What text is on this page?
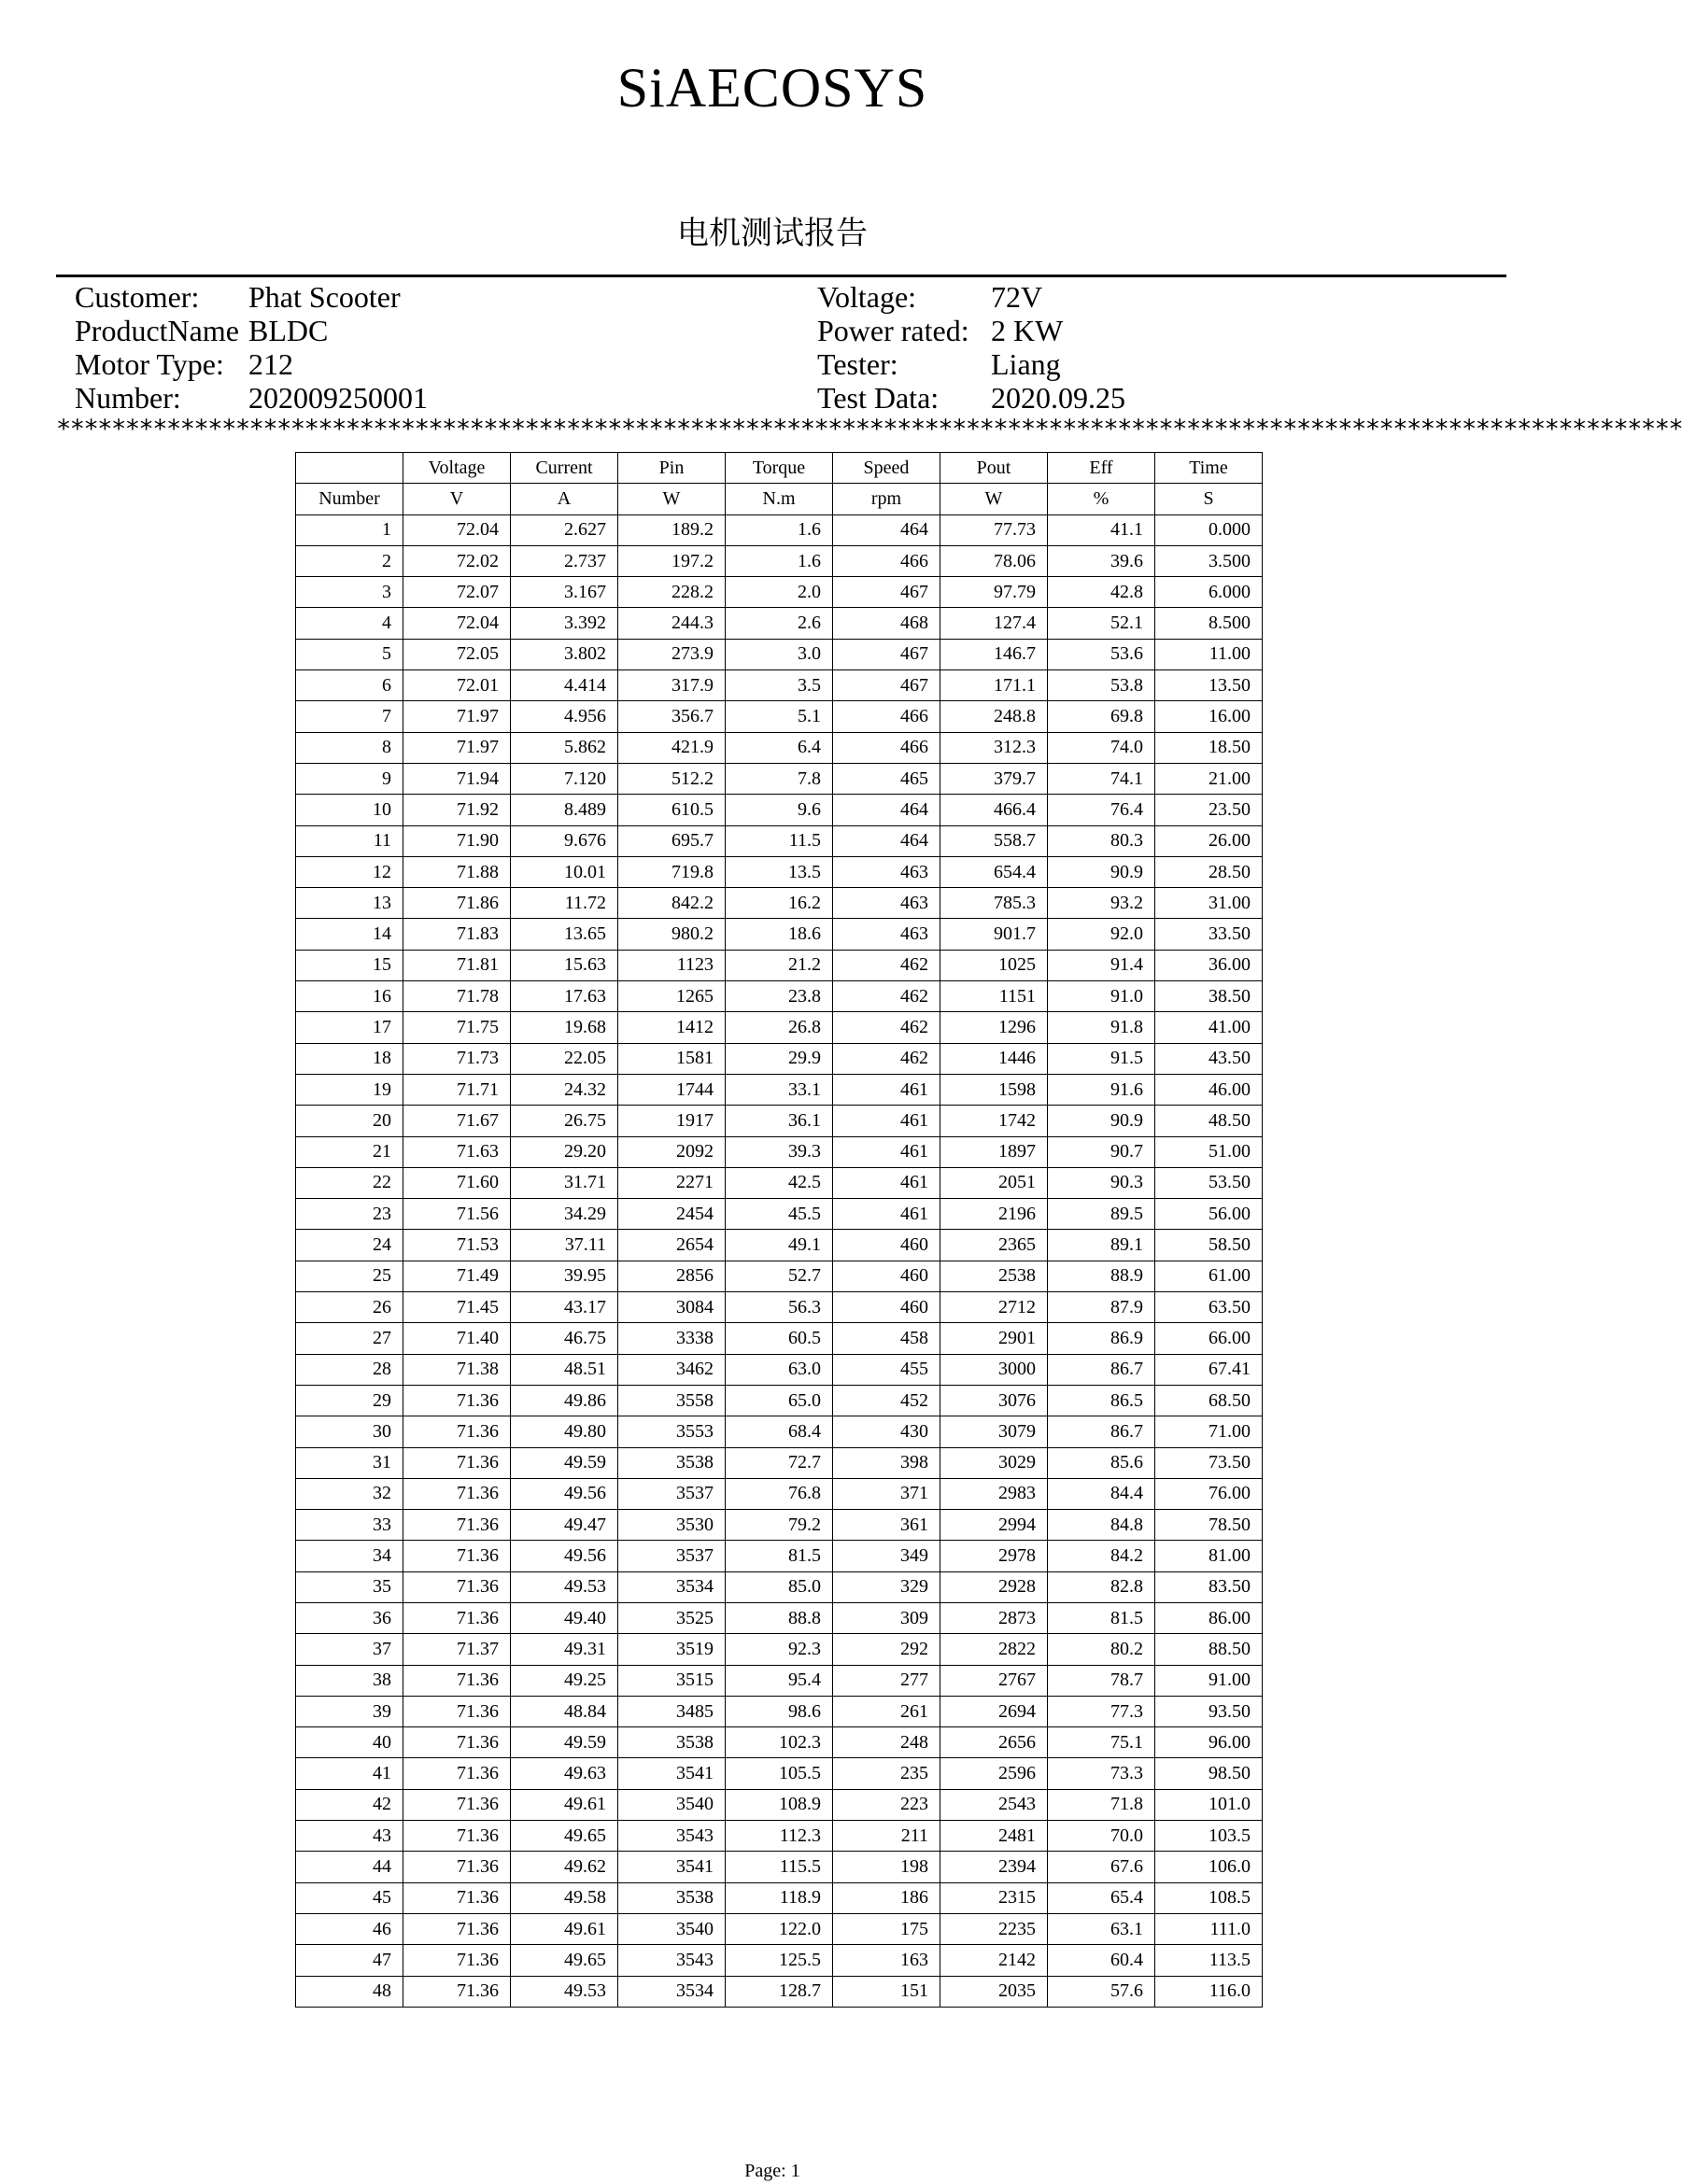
SiAECOSYS
电机测试报告
Customer:	Phat Scooter
ProductName BLDC
Motor Type: 212
Number:	202009250001
Voltage:	72V
Power rated: 2 KW
Tester:	Liang
Test Data:	2020.09.25
**********************************************************************************************************************
	Voltage	Current	Pin	Torque	Speed	Pout	Eff	Time
Number	V	A	W	N.m	rpm	W	%	S
1	72.04	2.627	189.2	1.6	464	77.73	41.1	0.000
2	72.02	2.737	197.2	1.6	466	78.06	39.6	3.500
3	72.07	3.167	228.2	2.0	467	97.79	42.8	6.000
4	72.04	3.392	244.3	2.6	468	127.4	52.1	8.500
5	72.05	3.802	273.9	3.0	467	146.7	53.6	11.00
6	72.01	4.414	317.9	3.5	467	171.1	53.8	13.50
7	71.97	4.956	356.7	5.1	466	248.8	69.8	16.00
8	71.97	5.862	421.9	6.4	466	312.3	74.0	18.50
9	71.94	7.120	512.2	7.8	465	379.7	74.1	21.00
10	71.92	8.489	610.5	9.6	464	466.4	76.4	23.50
11	71.90	9.676	695.7	11.5	464	558.7	80.3	26.00
12	71.88	10.01	719.8	13.5	463	654.4	90.9	28.50
13	71.86	11.72	842.2	16.2	463	785.3	93.2	31.00
14	71.83	13.65	980.2	18.6	463	901.7	92.0	33.50
15	71.81	15.63	1123	21.2	462	1025	91.4	36.00
16	71.78	17.63	1265	23.8	462	1151	91.0	38.50
17	71.75	19.68	1412	26.8	462	1296	91.8	41.00
18	71.73	22.05	1581	29.9	462	1446	91.5	43.50
19	71.71	24.32	1744	33.1	461	1598	91.6	46.00
20	71.67	26.75	1917	36.1	461	1742	90.9	48.50
21	71.63	29.20	2092	39.3	461	1897	90.7	51.00
22	71.60	31.71	2271	42.5	461	2051	90.3	53.50
23	71.56	34.29	2454	45.5	461	2196	89.5	56.00
24	71.53	37.11	2654	49.1	460	2365	89.1	58.50
25	71.49	39.95	2856	52.7	460	2538	88.9	61.00
26	71.45	43.17	3084	56.3	460	2712	87.9	63.50
27	71.40	46.75	3338	60.5	458	2901	86.9	66.00
28	71.38	48.51	3462	63.0	455	3000	86.7	67.41
29	71.36	49.86	3558	65.0	452	3076	86.5	68.50
30	71.36	49.80	3553	68.4	430	3079	86.7	71.00
31	71.36	49.59	3538	72.7	398	3029	85.6	73.50
32	71.36	49.56	3537	76.8	371	2983	84.4	76.00
33	71.36	49.47	3530	79.2	361	2994	84.8	78.50
34	71.36	49.56	3537	81.5	349	2978	84.2	81.00
35	71.36	49.53	3534	85.0	329	2928	82.8	83.50
36	71.36	49.40	3525	88.8	309	2873	81.5	86.00
37	71.37	49.31	3519	92.3	292	2822	80.2	88.50
38	71.36	49.25	3515	95.4	277	2767	78.7	91.00
39	71.36	48.84	3485	98.6	261	2694	77.3	93.50
40	71.36	49.59	3538	102.3	248	2656	75.1	96.00
41	71.36	49.63	3541	105.5	235	2596	73.3	98.50
42	71.36	49.61	3540	108.9	223	2543	71.8	101.0
43	71.36	49.65	3543	112.3	211	2481	70.0	103.5
44	71.36	49.62	3541	115.5	198	2394	67.6	106.0
45	71.36	49.58	3538	118.9	186	2315	65.4	108.5
46	71.36	49.61	3540	122.0	175	2235	63.1	111.0
47	71.36	49.65	3543	125.5	163	2142	60.4	113.5
48	71.36	49.53	3534	128.7	151	2035	57.6	116.0
Page: 1
